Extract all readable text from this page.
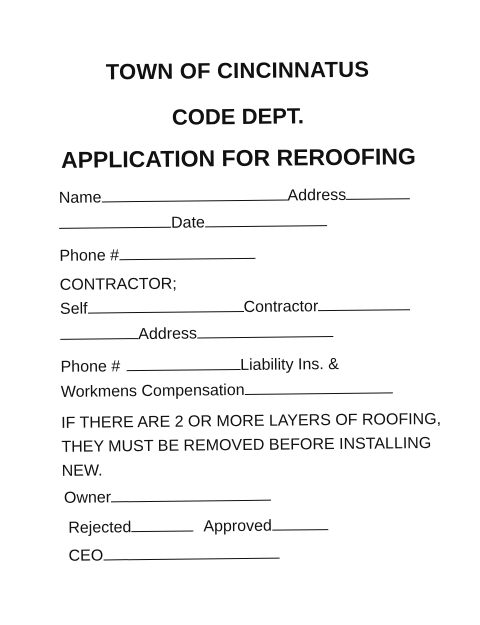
TOWN OF CINCINNATUS
CODE DEPT.
APPLICATION FOR REROOFING
Name	Address
Date
Phone #
CONTRACTOR;
Self	Contractor
Address
Phone #	Liability Ins. &
Workmens Compensation
IF THERE ARE 2 OR MORE LAYERS OF ROOFING,
THEY MUST BE REMOVED BEFORE INSTALLING
NEW.
Owner
Rejected	Approved
CEO
